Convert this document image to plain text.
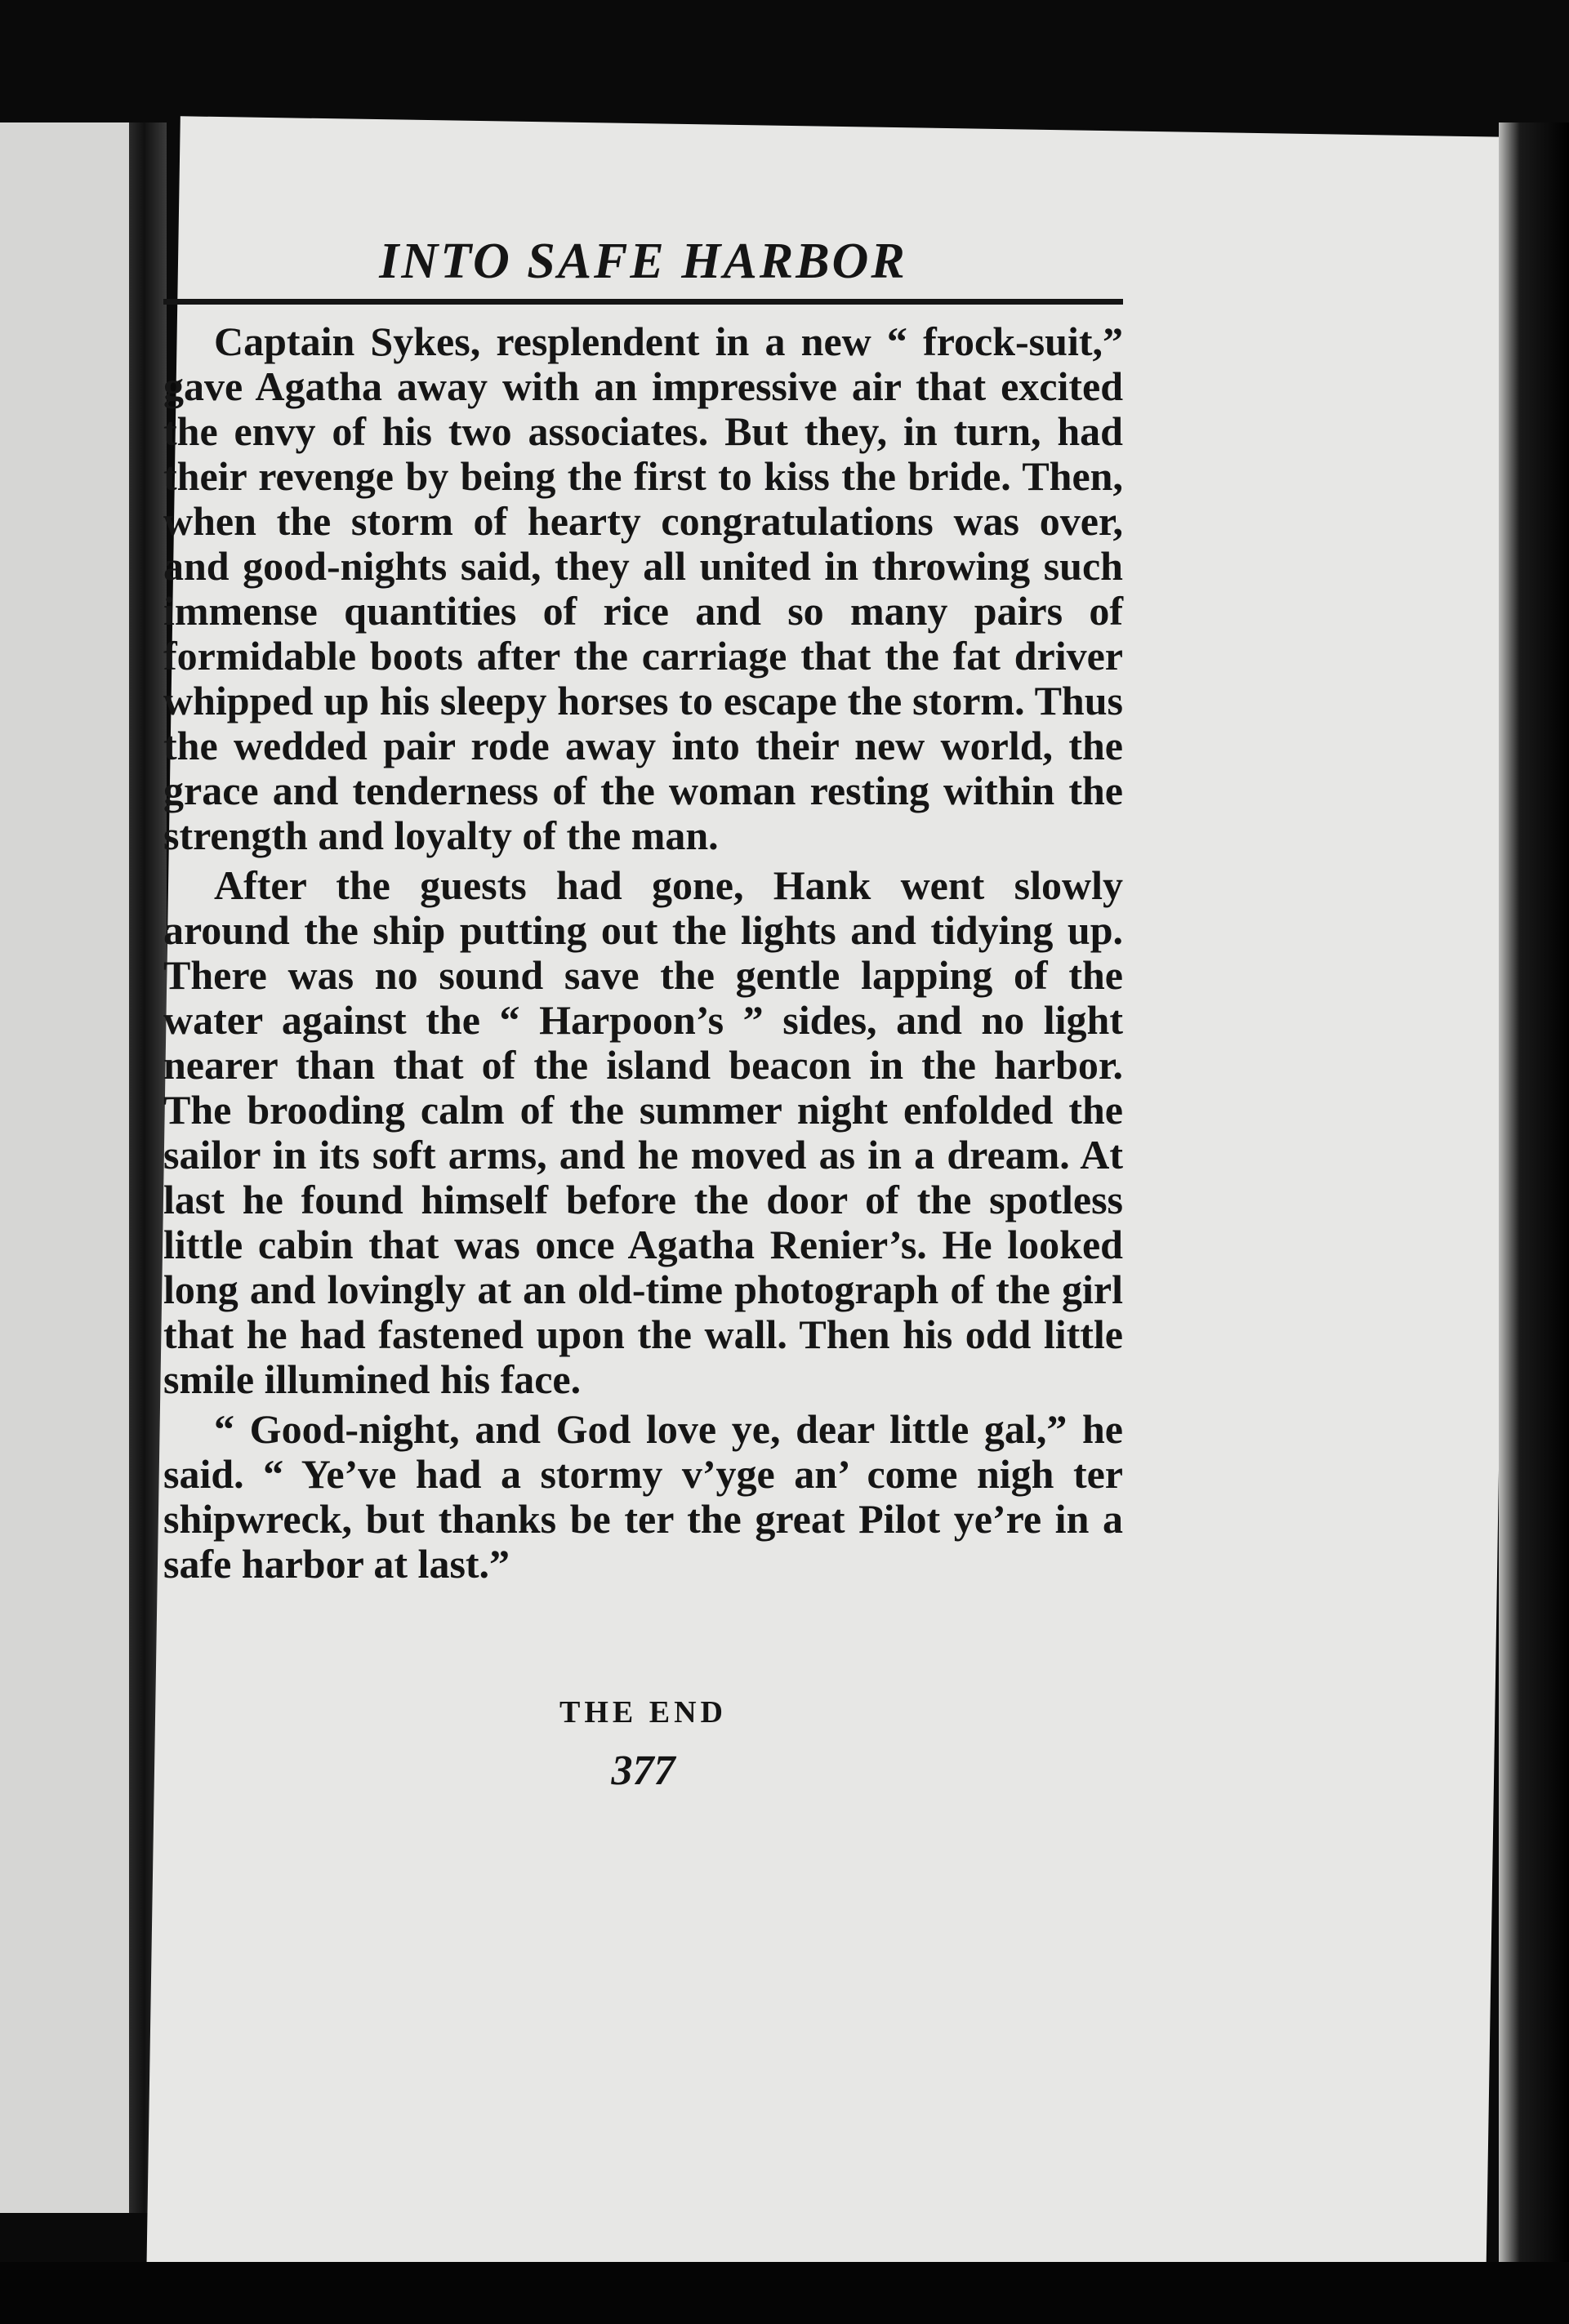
INTO SAFE HARBOR

Captain Sykes, resplendent in a new “ frock-suit,” gave Agatha away with an impressive air that excited the envy of his two associates. But they, in turn, had their revenge by being the first to kiss the bride. Then, when the storm of hearty congratulations was over, and good-nights said, they all united in throwing such immense quantities of rice and so many pairs of formidable boots after the carriage that the fat driver whipped up his sleepy horses to escape the storm. Thus the wedded pair rode away into their new world, the grace and tenderness of the woman resting within the strength and loyalty of the man.

After the guests had gone, Hank went slowly around the ship putting out the lights and tidying up. There was no sound save the gentle lapping of the water against the “ Harpoon’s ” sides, and no light nearer than that of the island beacon in the harbor. The brooding calm of the summer night enfolded the sailor in its soft arms, and he moved as in a dream. At last he found himself before the door of the spotless little cabin that was once Agatha Renier’s. He looked long and lovingly at an old-time photograph of the girl that he had fastened upon the wall. Then his odd little smile illumined his face.

“ Good-night, and God love ye, dear little gal,” he said. “ Ye’ve had a stormy v’yge an’ come nigh ter shipwreck, but thanks be ter the great Pilot ye’re in a safe harbor at last.”

THE END
377
